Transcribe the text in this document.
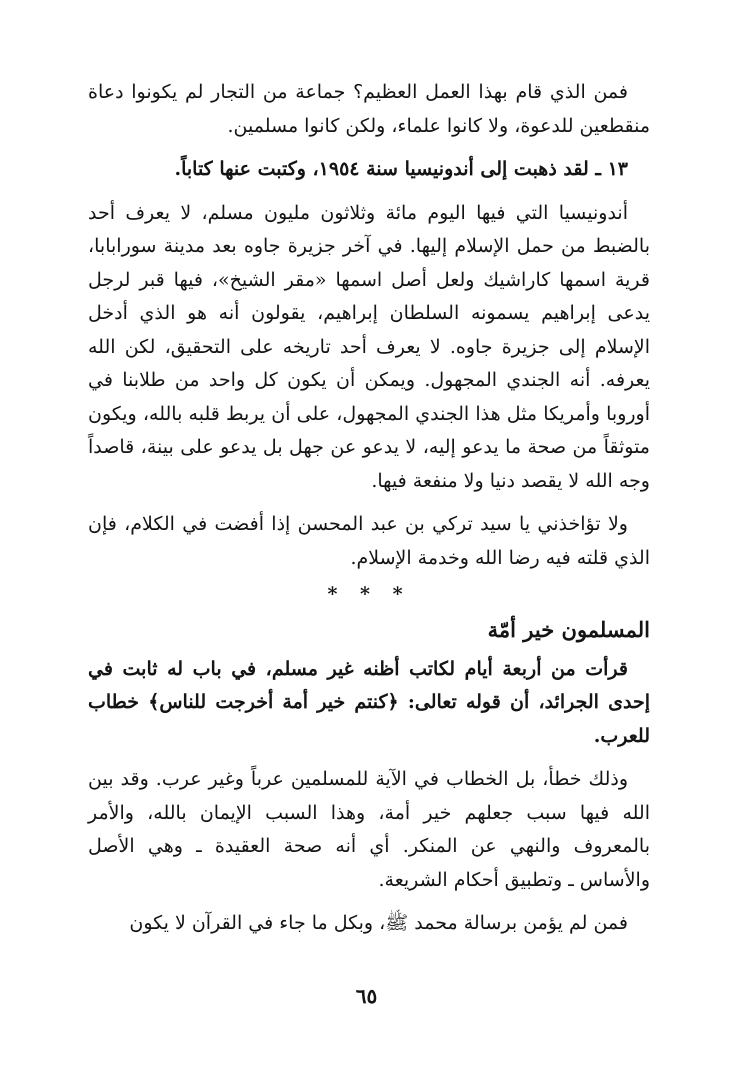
فمن الذي قام بهذا العمل العظيم؟ جماعة من التجار لم يكونوا دعاة منقطعين للدعوة، ولا كانوا علماء، ولكن كانوا مسلمين.

١٣ ـ لقد ذهبت إلى أندونيسيا سنة ١٩٥٤، وكتبت عنها كتاباً.

أندونيسيا التي فيها اليوم مائة وثلاثون مليون مسلم، لا يعرف أحد بالضبط من حمل الإسلام إليها. في آخر جزيرة جاوه بعد مدينة سورابابا، قرية اسمها كاراشيك ولعل أصل اسمها «مقر الشيخ»، فيها قبر لرجل يدعى إبراهيم يسمونه السلطان إبراهيم، يقولون أنه هو الذي أدخل الإسلام إلى جزيرة جاوه. لا يعرف أحد تاريخه على التحقيق، لكن الله يعرفه. أنه الجندي المجهول. ويمكن أن يكون كل واحد من طلابنا في أوروبا وأمريكا مثل هذا الجندي المجهول، على أن يربط قلبه بالله، ويكون متوثقاً من صحة ما يدعو إليه، لا يدعو عن جهل بل يدعو على بينة، قاصداً وجه الله لا يقصد دنيا ولا منفعة فيها.

ولا تؤاخذني يا سيد تركي بن عبد المحسن إذا أفضت في الكلام، فإن الذي قلته فيه رضا الله وخدمة الإسلام.

* * *
المسلمون خير أمّة

قرأت من أربعة أيام لكاتب أظنه غير مسلم، في باب له ثابت في إحدى الجرائد، أن قوله تعالى: ﴿كنتم خير أمة أخرجت للناس﴾ خطاب للعرب.

وذلك خطأ، بل الخطاب في الآية للمسلمين عرباً وغير عرب. وقد بين الله فيها سبب جعلهم خير أمة، وهذا السبب الإيمان بالله، والأمر بالمعروف والنهي عن المنكر. أي أنه صحة العقيدة ـ وهي الأصل والأساس ـ وتطبيق أحكام الشريعة.

فمن لم يؤمن برسالة محمد ﷺ، وبكل ما جاء في القرآن لا يكون

٦٥
